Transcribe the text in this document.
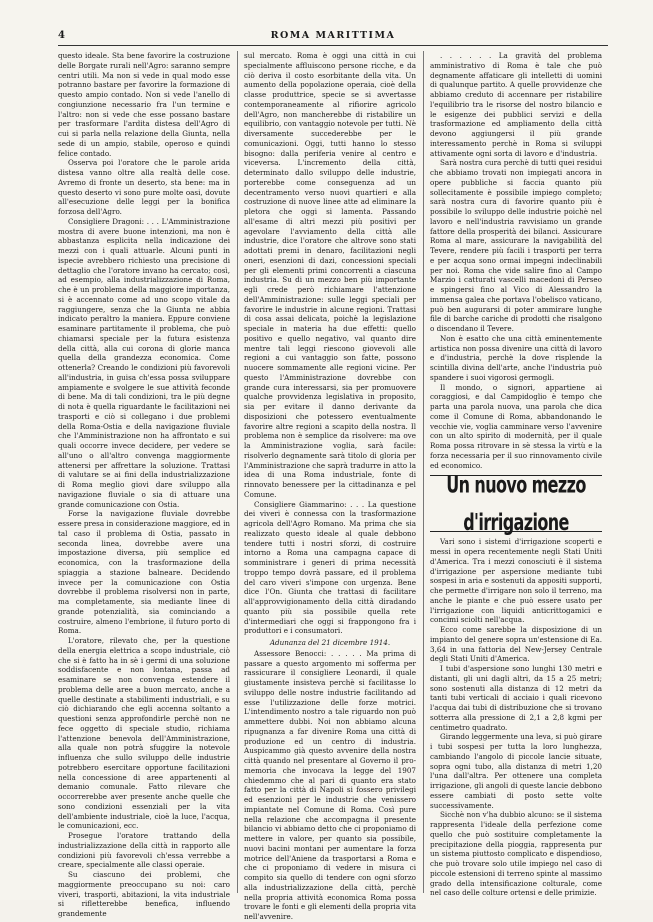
4	ROMA MARITTIMA

questo ideale. Sta bene favorire la costruzione delle Borgate rurali nell'Agro: saranno sempre centri utili. Ma non si vede in qual modo esse potranno bastare per favorire la formazione di questo ampio contado. Non si vede l'anello di congiunzione necessario fra l'un termine e l'altro: non si vede che esse possano bastare per trasformare l'ardita distesa dell'Agro di cui si parla nella relazione della Giunta, nella sede di un ampio, stabile, operoso e quindi felice contado.

Osserva poi l'oratore che le parole arida distesa vanno oltre alla realtà delle cose. Avremo di fronte un deserto, sta bene: ma in questo deserto vi sono pure molte oasi, dovute all'esecuzione delle leggi per la bonifica forzosa dell'Agro.

Consigliere Dragoni: . . . L'Amministrazione mostra di avere buone intenzioni, ma non è abbastanza esplicita nella indicazione dei mezzi con i quali attuarle. Alcuni punti in ispecie avrebbero richiesto una precisione di dettaglio che l'oratore invano ha cercato; così, ad esempio, alla industrializzazione di Roma, che è un problema della maggiore importanza, si è accennato come ad uno scopo vitale da raggiungere, senza che la Giunta ne abbia indicato peraltro la maniera. Eppure conviene esaminare partitamente il problema, che può chiamarsi speciale per la futura esistenza della città, alla cui corona di glorie manca quella della grandezza economica. Come ottenerla? Creando le condizioni più favorevoli all'industria, in guisa ch'essa possa sviluppare ampiamente e svolgere le sue attività feconde di bene. Ma di tali condizioni, tra le più degne di nota è quella riguardante le facilitazioni nei trasporti e ciò si collegano i due problemi della Roma-Ostia e della navigazione fluviale che l'Amministrazione non ha affrontato e sui quali occorre invece decidere, per vedere se all'uno o all'altro convenga maggiormente attenersi per affrettare la soluzione. Trattasi di valutare se ai fini della industrializzazione di Roma meglio giovi dare sviluppo alla navigazione fluviale o sia di attuare una grande comunicazione con Ostia.

Forse la navigazione fluviale dovrebbe essere presa in considerazione maggiore, ed in tal caso il problema di Ostia, passato in seconda linea, dovrebbe avere una impostazione diversa, più semplice ed economica, con la trasformazione della spiaggia a stazione balneare. Decidendo invece per la comunicazione con Ostia dovrebbe il problema risolversi non in parte, ma completamente, sia mediante linee di grande potenzialità, sia cominciando a costruire, almeno l'embrione, il futuro porto di Roma.

L'oratore, rilevato che, per la questione della energia elettrica a scopo industriale, ciò che si è fatto ha in sè i germi di una soluzione soddisfacente e non lontana, passa ad esaminare se non convenga estendere il problema delle aree a buon mercato, anche a quelle destinate a stabilimenti industriali, e su ciò dichiarando che egli accenna soltanto a questioni senza approfondirle perchè non ne fece oggetto di speciale studio, richiama l'attenzione benevola dell'Amministrazione, alla quale non potrà sfuggire la notevole influenza che sullo sviluppo delle industrie potrebbero esercitare opportune facilitazioni nella concessione di aree appartenenti al demanio comunale. Fatto rilevare che occorrerebbe aver presente anche quelle che sono condizioni essenziali per la vita dell'ambiente industriale, cioè la luce, l'acqua, le comunicazioni, ecc.

Prosegue l'oratore trattando della industrializzazione della città in rapporto alle condizioni più favorevoli ch'essa verrebbe a creare, specialmente alle classi operaie.

Su ciascuno dei problemi, che maggiormente preoccupano su noi: caro viveri, trasporti, abitazioni, la vita industriale si rifletterebbe benefica, influendo grandemente

sul mercato. Roma è oggi una città in cui specialmente affluiscono persone ricche, e da ciò deriva il costo esorbitante della vita. Un aumento della popolazione operaia, cioè della classe produttrice, specie se si avvertasse contemporaneamente al rifiorire agricolo dell'Agro, non mancherebbe di ristabilire un equilibrio, con vantaggio notevole per tutti. Nè diversamente succederebbe per le comunicazioni. Oggi, tutti hanno lo stesso bisogno: dalla periferia venire al centro e viceversa. L'incremento della città, determinato dallo sviluppo delle industrie, porterebbe come conseguenza ad un decentramento verso nuovi quartieri e alla costruzione di nuove linee atte ad eliminare la pletora che oggi si lamenta. Passando all'esame di altri mezzi più positivi per agevolare l'avviamento della città alle industrie, dice l'oratore che altrove sono stati adottati premi in denaro, facilitazioni negli oneri, esenzioni di dazi, concessioni speciali per gli elementi primi concorrenti a ciascuna industria. Su di un mezzo ben più importante egli crede però richiamare l'attenzione dell'Amministrazione: sulle leggi speciali per favorire le industrie in alcune regioni. Trattasi di cosa assai delicata, poichè la legislazione speciale in materia ha due effetti: quello positivo e quello negativo, val quanto dire mentre tali leggi riescono giovevoli alle regioni a cui vantaggio son fatte, possono nuocere sommamente alle regioni vicine. Per questo l'Amministrazione dovrebbe con grande cura interessarsi, sia per promuovere qualche provvidenza legislativa in proposito, sia per evitare il danno derivante da disposizioni che potessero eventualmente favorire altre regioni a scapito della nostra. Il problema non è semplice da risolvere: ma ove la Amministrazione voglia, sarà facile: risolverlo degnamente sarà titolo di gloria per l'Amministrazione che saprà tradurre in atto la idea di una Roma industriale, fonte di rinnovato benessere per la cittadinanza e pel Comune.

Consigliere Giammarino: . . . La questione dei viveri è connessa con la trasformazione agricola dell'Agro Romano. Ma prima che sia realizzato questo ideale al quale debbono tendere tutti i nostri sforzi, di costruire intorno a Roma una campagna capace di somministrare i generi di prima necessità troppo tempo dovrà passare, ed il problema del caro viveri s'impone con urgenza. Bene dice l'On. Giunta che trattasi di facilitare all'approvvigionamento della città diradando quanto più sia possibile quella rete d'intermediari che oggi si frappongono fra i produttori e i consumatori.

Adunanza del 21 dicembre 1914.

Assessore Benocci: . . . . . Ma prima di passare a questo argomento mi sofferma per rassicurare il consigliere Leonardi, il quale giustamente insisteva perchè si facilitasse lo sviluppo delle nostre industrie facilitando ad esse l'utilizzazione delle forze motrici. L'intendimento nostro a tale riguardo non può ammettere dubbi. Noi non abbiamo alcuna ripugnanza a far divenire Roma una città di produzione ed un centro di industria. Auspicammo già questo avvenire della nostra città quando nel presentare al Governo il pro-memoria che invocava la legge del 1907 chiedemmo che al pari di quanto era stato fatto per la città di Napoli si fossero privilegi ed esenzioni per le industrie che venissero impiantate nel Comune di Roma. Così pure nella relazione che accompagna il presente bilancio vi abbiamo detto che ci proponiamo di mettere in valore, per quanto sia possibile, nuovi bacini montani per aumentare la forza motrice dell'Aniene da trasportarsi a Roma e che ci proponiamo di vedere in misura ci compito sia quello di tendere con ogni sforzo alla industrializzazione della città, perchè nella propria attività economica Roma possa trovare le fonti e gli elementi della propria vita nell'avvenire.

. . . . . . La gravità del problema amministrativo di Roma è tale che può degnamente affaticare gli intelletti di uomini di qualunque partito. A quelle provvidenze che abbiamo creduto di accennare per ristabilire l'equilibrio tra le risorse del nostro bilancio e le esigenze dei pubblici servizi e della trasformazione ed ampliamento della città devono aggiungersi il più grande interessamento perchè in Roma si sviluppi attivamente ogni sorta di lavoro e d'industria.

Sarà nostra cura perchè di tutti quei residui che abbiamo trovati non impiegati ancora in opere pubbliche si faccia quanto più sollecitamente è possibile impiego completo; sarà nostra cura di favorire quanto più è possibile lo sviluppo delle industrie poichè nel lavoro e nell'industria ravvisiamo un grande fattore della prosperità dei bilanci. Assicurare Roma al mare, assicurare la navigabilità del Tevere, rendere più facili i trasporti per terra e per acqua sono ormai impegni indeclinabili per noi. Roma che vide salire fino al Campo Marzio i catturati vascelli macedoni di Perseo e spingersi fino al Vico di Alessandro la immensa galea che portava l'obelisco vaticano, può ben augurarsi di poter ammirare lunghe file di barche cariche di prodotti che risalgono o discendano il Tevere.

Non è esatto che una città eminentemente artistica non possa divenire una città di lavoro e d'industria, perchè la dove risplende la scintilla divina dell'arte, anche l'industria può spandere i suoi vigorosi germogli.

Il mondo, o signori, appartiene ai coraggiosi, e dal Campidoglio è tempo che parta una parola nuova, una parola che dica come il Comune di Roma, abbandonando le vecchie vie, voglia camminare verso l'avvenire con un alto spirito di modernità, per il quale Roma possa ritrovare in sè stessa la virtù e la forza necessaria per il suo rinnovamento civile ed economico.

Un nuovo mezzo d'irrigazione

Vari sono i sistemi d'irrigazione scoperti e messi in opera recentemente negli Stati Uniti d'America. Tra i mezzi conosciuti è il sistema d'irrigazione per aspersione mediante tubi sospesi in aria e sostenuti da appositi supporti, che permette d'irrigare non solo il terreno, ma anche le piante e che può essere usato per l'irrigazione con liquidi anticrittogamici e concimi sciolti nell'acqua.

Ecco come sarebbe la disposizione di un impianto del genere sopra un'estensione di Ea. 3,64 in una fattoria del New-Jersey Centrale degli Stati Uniti d'America.

I tubi d'aspersione sono lunghi 130 metri e distanti, gli uni dagli altri, da 15 a 25 metri; sono sostenuti alla distanza di 12 metri da tanti tubi verticali di acciaio i quali ricevono l'acqua dai tubi di distribuzione che si trovano sotterra alla pressione di 2,1 a 2,8 kgmi per centimetro quadrato.

Girando leggermente una leva, si può girare i tubi sospesi per tutta la loro lunghezza, cambiando l'angolo di piccole lancie situate, sopra ogni tubo, alla distanza di metri 1,20 l'una dall'altra. Per ottenere una completa irrigazione, gli angoli di queste lancie debbono essere cambiati di posto sette volte successivamente.

Sicchè non v'ha dubbio alcuno: se il sistema rappresenta l'ideale della perfezione come quello che può sostituire completamente la precipitazione della pioggia, rappresenta pur un sistema piuttosto complicato e dispendioso, che può trovare solo utile impiego nel caso di piccole estensioni di terreno spinte al massimo grado della intensificazione colturale, come nel caso delle colture ortensi e delle primizie.
